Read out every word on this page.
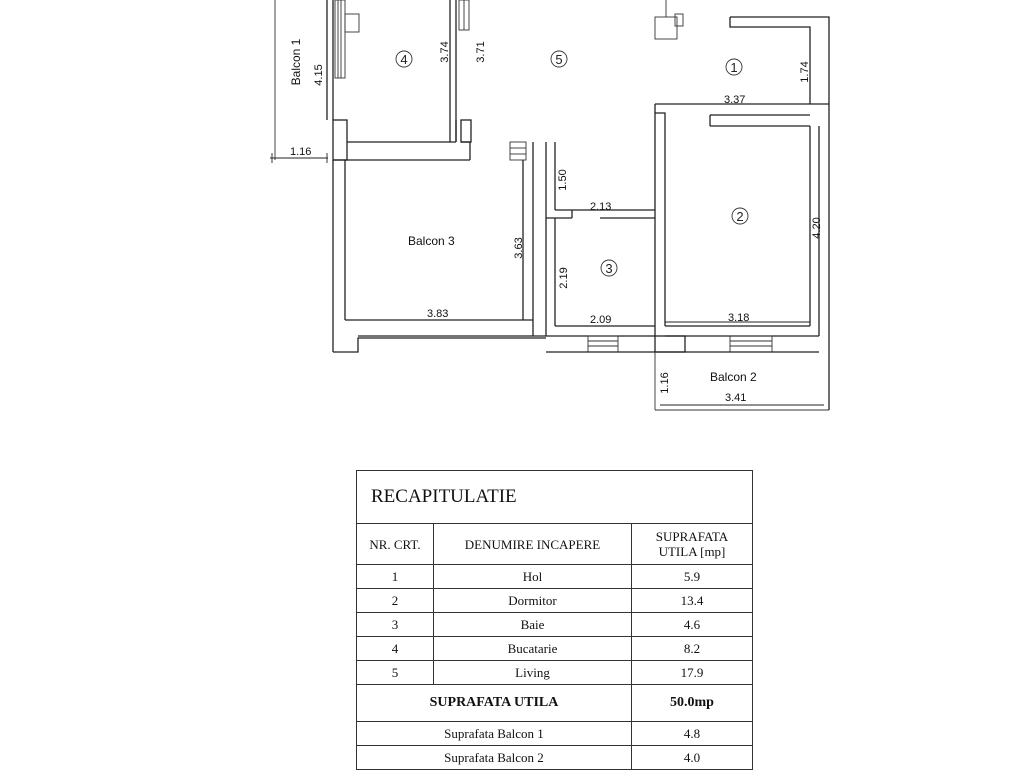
1.16
4.15
Balcon 1	3.74 3.71
4	5
1
2
3
1.74
3.37
4.20
3.18
1.50
2.13
2.19
2.09
Balcon 3	3.63
3.83
Balcon 2
1.16
3.41
RECAPITULATIE		
NR. CRT.	DENUMIRE INCAPERE	SUPRAFATA
UTILA [mp]
1	Hol	5.9
2	Dormitor	13.4
3	Baie	4.6
4	Bucatarie	8.2
5	Living	17.9
SUPRAFATA UTILA		50.0mp
Suprafata Balcon 1		4.8
Suprafata Balcon 2		4.0
